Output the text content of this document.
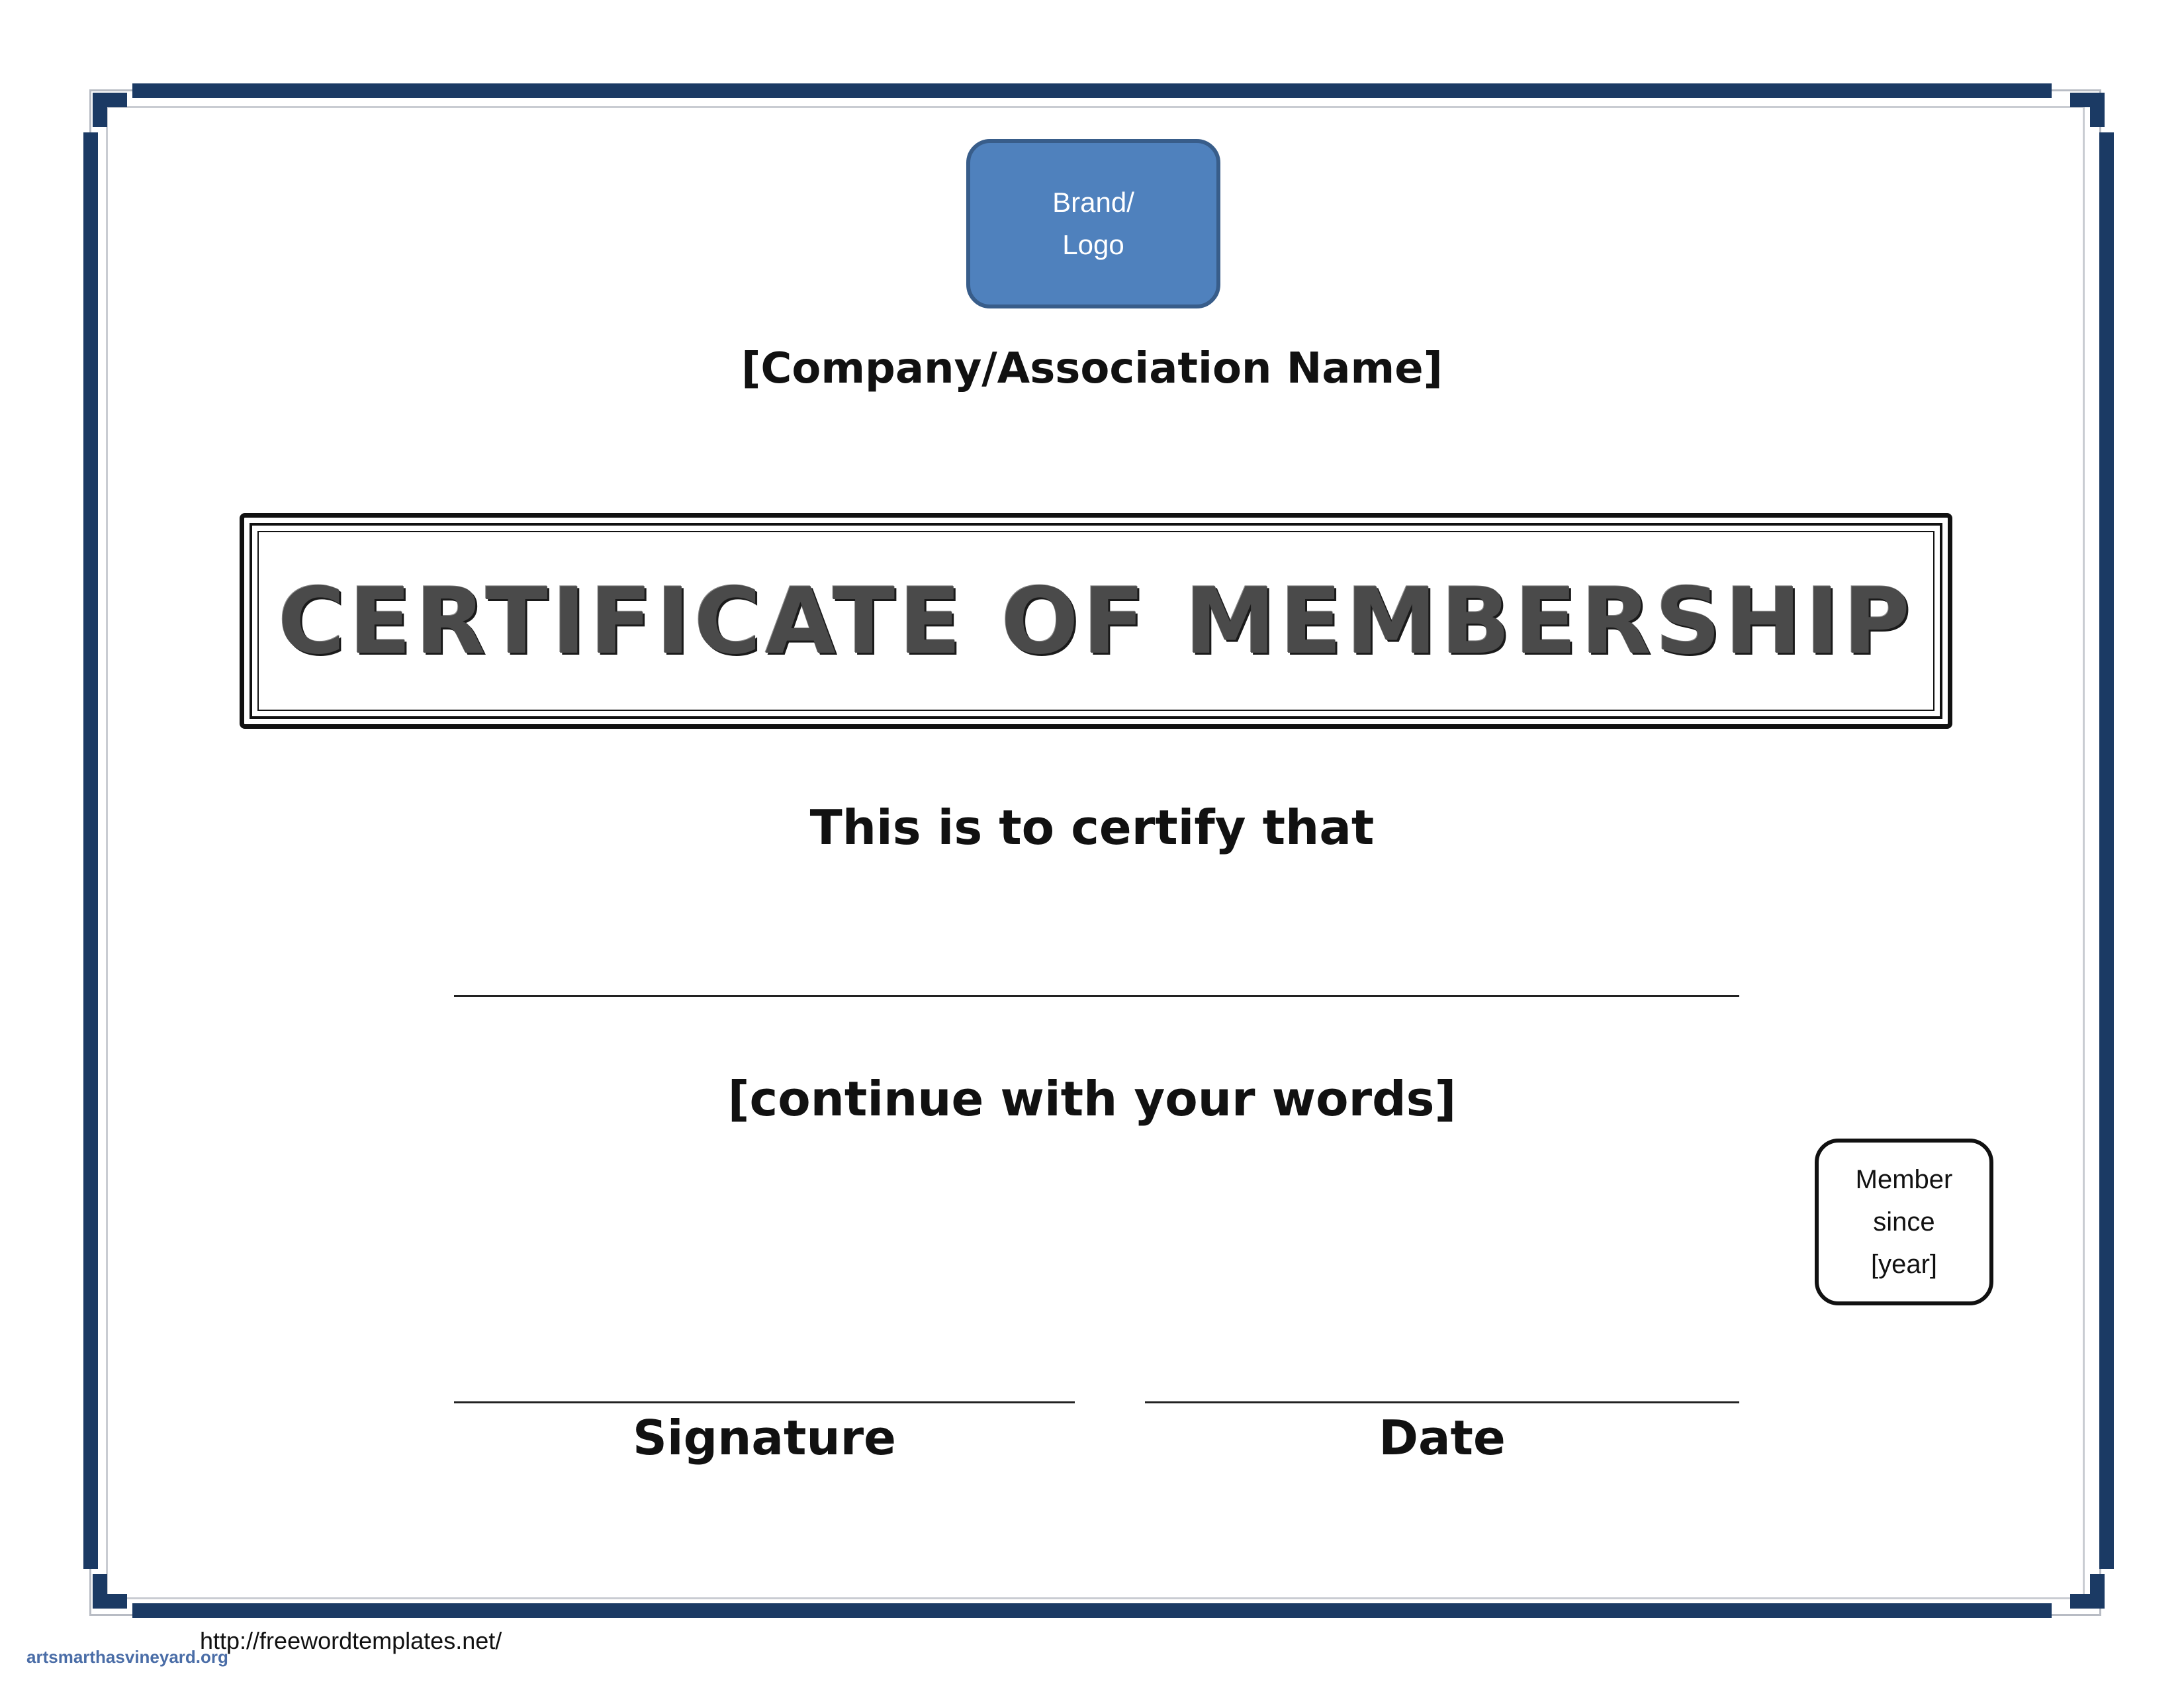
Brand/
Logo
[Company/Association Name]
CERTIFICATE OF MEMBERSHIP
This is to certify that
[continue with your words]
Member
since
[year]
Signature	Date
http://freewordtemplates.net/
artsmarthasvineyard.org
